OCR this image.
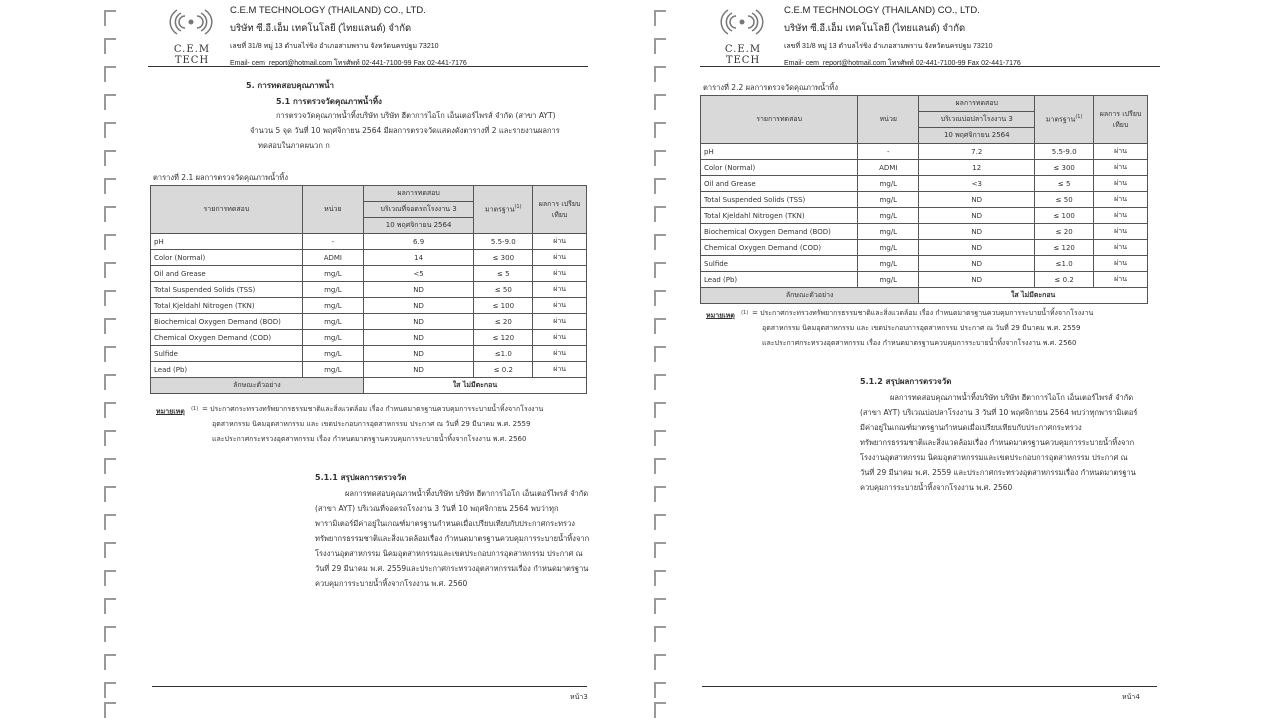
C.E.M TECH
C.E.M TECHNOLOGY (THAILAND) CO., LTD.
บริษัท ซี.อี.เอ็ม เทคโนโลยี (ไทยแลนด์) จำกัด
เลขที่ 31/8 หมู่ 13 ตำบลไร่ขิง อำเภอสามพราน จังหวัดนครปฐม 73210
Email- cem_report@hotmail.com โทรศัพท์ 02-441-7100-99 Fax 02-441-7176
5. การทดสอบคุณภาพน้ำ
5.1 การตรวจวัดคุณภาพน้ำทิ้ง
การตรวจวัดคุณภาพน้ำทิ้งบริษัท บริษัท ฮีตาการไอโก เอ็นเตอร์ไพรส์ จำกัด (สาขา AYT)
จำนวน 5 จุด วันที่ 10 พฤศจิกายน 2564 มีผลการตรวจวัดแสดงดังตารางที่ 2 และรายงานผลการ
ทดสอบในภาคผนวก ก
ตารางที่ 2.1 ผลการตรวจวัดคุณภาพน้ำทิ้ง
รายการทดสอบ	หน่วย	ผลการทดสอบ	มาตรฐาน$^{(1)}$	ผลการ เปรียบเทียบ
		บริเวณที่จอดรถโรงงาน 3		
		10 พฤศจิกายน 2564		
pH	-	6.9	5.5-9.0	ผ่าน
Color (Normal)	ADMI	14	≤ 300	ผ่าน
Oil and Grease	mg/L	<5	≤ 5	ผ่าน
Total Suspended Solids (TSS)	mg/L	ND	≤ 50	ผ่าน
Total Kjeldahl Nitrogen (TKN)	mg/L	ND	≤ 100	ผ่าน
Biochemical Oxygen Demand (BOD)	mg/L	ND	≤ 20	ผ่าน
Chemical Oxygen Demand (COD)	mg/L	ND	≤ 120	ผ่าน
Sulfide	mg/L	ND	≤1.0	ผ่าน
Lead (Pb)	mg/L	ND	≤ 0.2	ผ่าน
ลักษณะตัวอย่าง		ใส ไม่มีตะกอน		
หมายเหตุ $^{(1)}$ = ประกาศกระทรวงทรัพยากรธรรมชาติและสิ่งแวดล้อม เรื่อง กำหนดมาตรฐานควบคุมการระบายน้ำทิ้งจากโรงงาน
อุตสาหกรรม นิคมอุตสาหกรรม และ เขตประกอบการอุตสาหกรรม ประกาศ ณ วันที่ 29 มีนาคม พ.ศ. 2559
และประกาศกระทรวงอุตสาหกรรม เรื่อง กำหนดมาตรฐานควบคุมการระบายน้ำทิ้งจากโรงงาน พ.ศ. 2560
5.1.1 สรุปผลการตรวจวัด
ผลการทดสอบคุณภาพน้ำทิ้งบริษัท บริษัท ฮีตาการไอโก เอ็นเตอร์ไพรส์ จำกัด
(สาขา AYT) บริเวณที่จอดรถโรงงาน 3 วันที่ 10 พฤศจิกายน 2564 พบว่าทุก
พารามิเตอร์มีค่าอยู่ในเกณฑ์มาตรฐานกำหนดเมื่อเปรียบเทียบกับประกาศกระทรวง
ทรัพยากรธรรมชาติและสิ่งแวดล้อมเรื่อง กำหนดมาตรฐานควบคุมการระบายน้ำทิ้งจาก
โรงงานอุตสาหกรรม นิคมอุตสาหกรรมและเขตประกอบการอุตสาหกรรม ประกาศ ณ
วันที่ 29 มีนาคม พ.ศ. 2559และประกาศกระทรวงอุตสาหกรรมเรื่อง กำหนดมาตรฐาน
ควบคุมการระบายน้ำทิ้งจากโรงงาน พ.ศ. 2560
หน้า3
C.E.M TECH
C.E.M TECHNOLOGY (THAILAND) CO., LTD.
บริษัท ซี.อี.เอ็ม เทคโนโลยี (ไทยแลนด์) จำกัด
เลขที่ 31/8 หมู่ 13 ตำบลไร่ขิง อำเภอสามพราน จังหวัดนครปฐม 73210
Email- cem_report@hotmail.com โทรศัพท์ 02-441-7100-99 Fax 02-441-7176
ตารางที่ 2.2 ผลการตรวจวัดคุณภาพน้ำทิ้ง
รายการทดสอบ	หน่วย	ผลการทดสอบ	มาตรฐาน$^{(1)}$	ผลการ เปรียบเทียบ
		บริเวณบ่อปลาโรงงาน 3		
		10 พฤศจิกายน 2564		
pH	-	7.2	5.5-9.0	ผ่าน
Color (Normal)	ADMI	12	≤ 300	ผ่าน
Oil and Grease	mg/L	<3	≤ 5	ผ่าน
Total Suspended Solids (TSS)	mg/L	ND	≤ 50	ผ่าน
Total Kjeldahl Nitrogen (TKN)	mg/L	ND	≤ 100	ผ่าน
Biochemical Oxygen Demand (BOD)	mg/L	ND	≤ 20	ผ่าน
Chemical Oxygen Demand (COD)	mg/L	ND	≤ 120	ผ่าน
Sulfide	mg/L	ND	≤1.0	ผ่าน
Lead (Pb)	mg/L	ND	≤ 0.2	ผ่าน
ลักษณะตัวอย่าง		ใส ไม่มีตะกอน		
หมายเหตุ $^{(1)}$ = ประกาศกระทรวงทรัพยากรธรรมชาติและสิ่งแวดล้อม เรื่อง กำหนดมาตรฐานควบคุมการระบายน้ำทิ้งจากโรงงาน
อุตสาหกรรม นิคมอุตสาหกรรม และ เขตประกอบการอุตสาหกรรม ประกาศ ณ วันที่ 29 มีนาคม พ.ศ. 2559
และประกาศกระทรวงอุตสาหกรรม เรื่อง กำหนดมาตรฐานควบคุมการระบายน้ำทิ้งจากโรงงาน พ.ศ. 2560
5.1.2 สรุปผลการตรวจวัด
ผลการทดสอบคุณภาพน้ำทิ้งบริษัท บริษัท ฮีตาการไอโก เอ็นเตอร์ไพรส์ จำกัด
(สาขา AYT) บริเวณบ่อปลาโรงงาน 3 วันที่ 10 พฤศจิกายน 2564 พบว่าทุกพารามิเตอร์
มีค่าอยู่ในเกณฑ์มาตรฐานกำหนดเมื่อเปรียบเทียบกับประกาศกระทรวง
ทรัพยากรธรรมชาติและสิ่งแวดล้อมเรื่อง กำหนดมาตรฐานควบคุมการระบายน้ำทิ้งจาก
โรงงานอุตสาหกรรม นิคมอุตสาหกรรมและเขตประกอบการอุตสาหกรรม ประกาศ ณ
วันที่ 29 มีนาคม พ.ศ. 2559 และประกาศกระทรวงอุตสาหกรรมเรื่อง กำหนดมาตรฐาน
ควบคุมการระบายน้ำทิ้งจากโรงงาน พ.ศ. 2560
หน้า4
